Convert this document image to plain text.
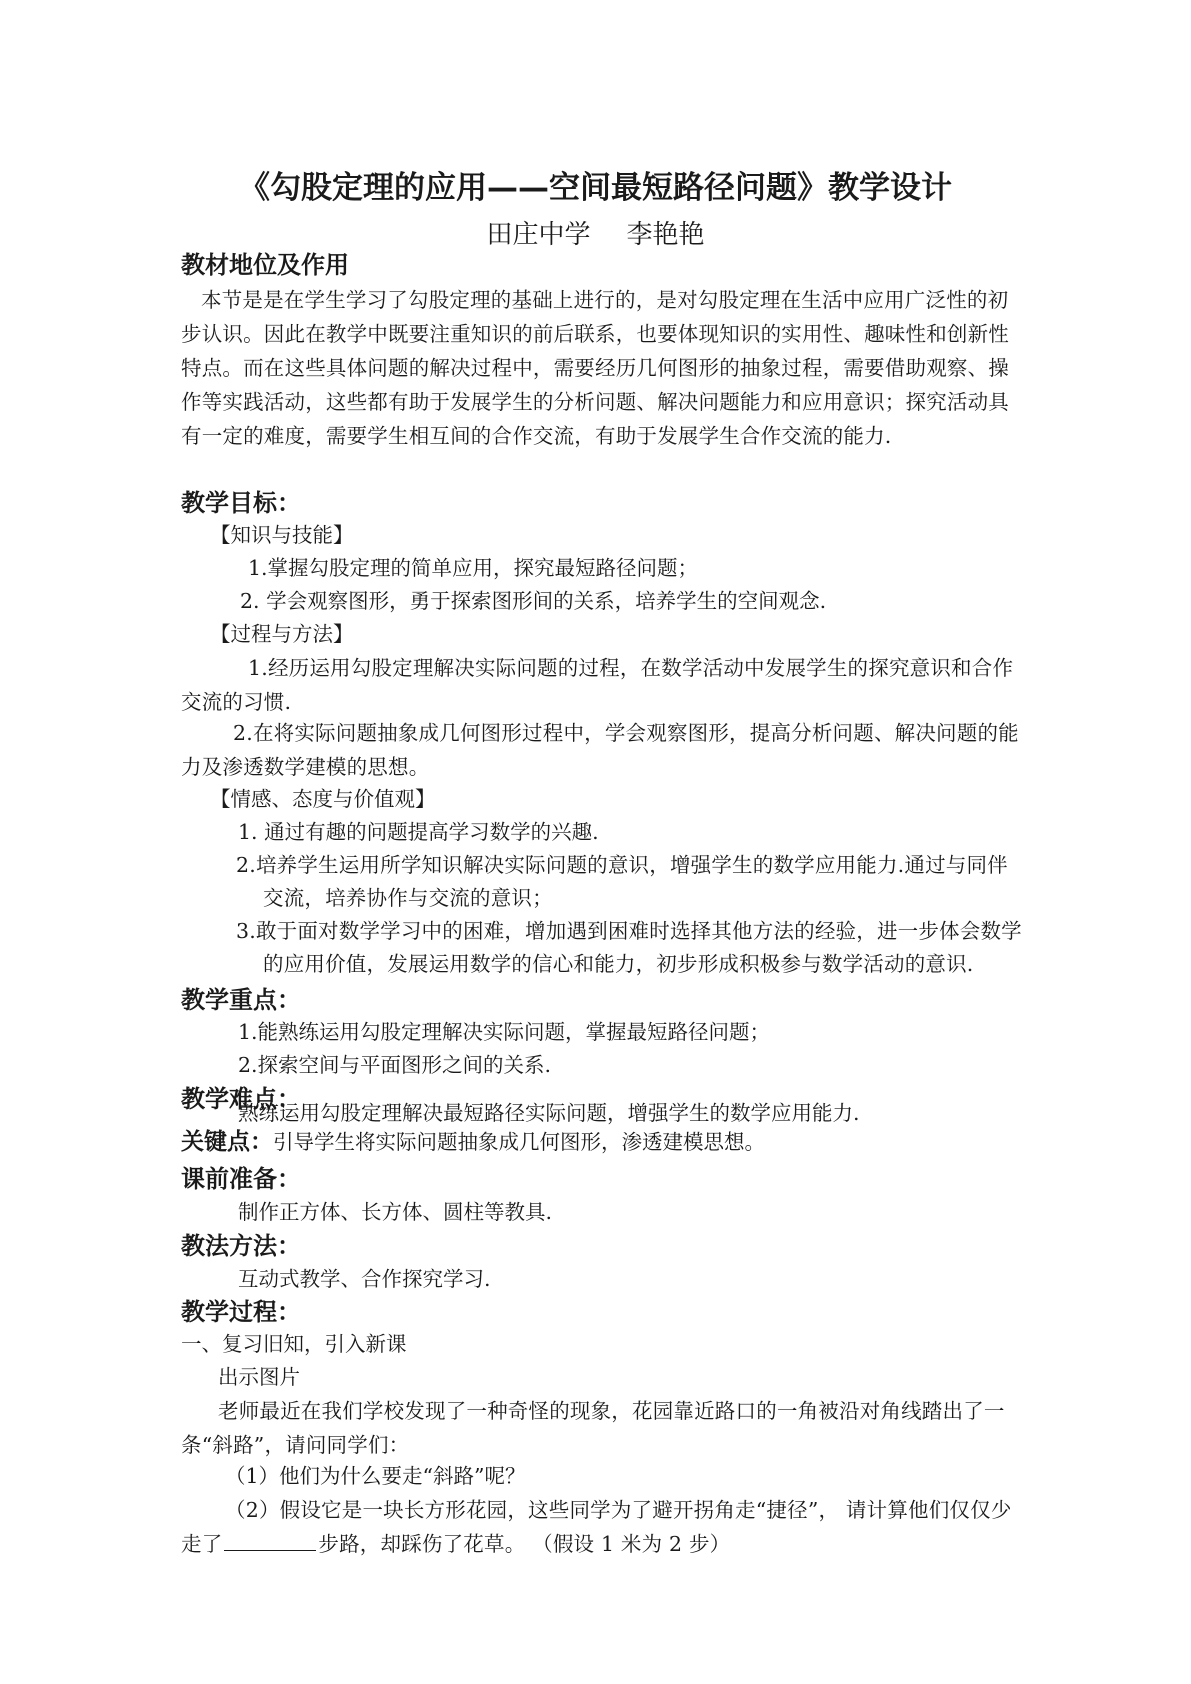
《勾股定理的应用——空间最短路径问题》教学设计
田庄中学 李艳艳
教材地位及作用
本节是是在学生学习了勾股定理的基础上进行的，是对勾股定理在生活中应用广泛性的初步认识。因此在教学中既要注重知识的前后联系，也要体现知识的实用性、趣味性和创新性特点。而在这些具体问题的解决过程中，需要经历几何图形的抽象过程，需要借助观察、操作等实践活动，这些都有助于发展学生的分析问题、解决问题能力和应用意识；探究活动具有一定的难度，需要学生相互间的合作交流，有助于发展学生合作交流的能力.
教学目标：
【知识与技能】
1.掌握勾股定理的简单应用，探究最短路径问题；
2. 学会观察图形，勇于探索图形间的关系，培养学生的空间观念.
【过程与方法】
1.经历运用勾股定理解决实际问题的过程，在数学活动中发展学生的探究意识和合作交流的习惯.
2.在将实际问题抽象成几何图形过程中，学会观察图形，提高分析问题、解决问题的能力及渗透数学建模的思想。
【情感、态度与价值观】
1. 通过有趣的问题提高学习数学的兴趣.
2.培养学生运用所学知识解决实际问题的意识，增强学生的数学应用能力.通过与同伴交流，培养协作与交流的意识；
3.敢于面对数学学习中的困难，增加遇到困难时选择其他方法的经验，进一步体会数学的应用价值，发展运用数学的信心和能力，初步形成积极参与数学活动的意识.
教学重点：
1.能熟练运用勾股定理解决实际问题，掌握最短路径问题；
2.探索空间与平面图形之间的关系.
教学难点：
熟练运用勾股定理解决最短路径实际问题，增强学生的数学应用能力.
关键点：引导学生将实际问题抽象成几何图形，渗透建模思想。
课前准备：
制作正方体、长方体、圆柱等教具.
教法方法：
互动式教学、合作探究学习.
教学过程：
一、复习旧知，引入新课
出示图片
老师最近在我们学校发现了一种奇怪的现象，花园靠近路口的一角被沿对角线踏出了一条“斜路”，请问同学们：
（1）他们为什么要走“斜路”呢？
（2）假设它是一块长方形花园，这些同学为了避开拐角走“捷径”， 请计算他们仅仅少走了	步路，却踩伤了花草。 （假设 1 米为 2 步）
